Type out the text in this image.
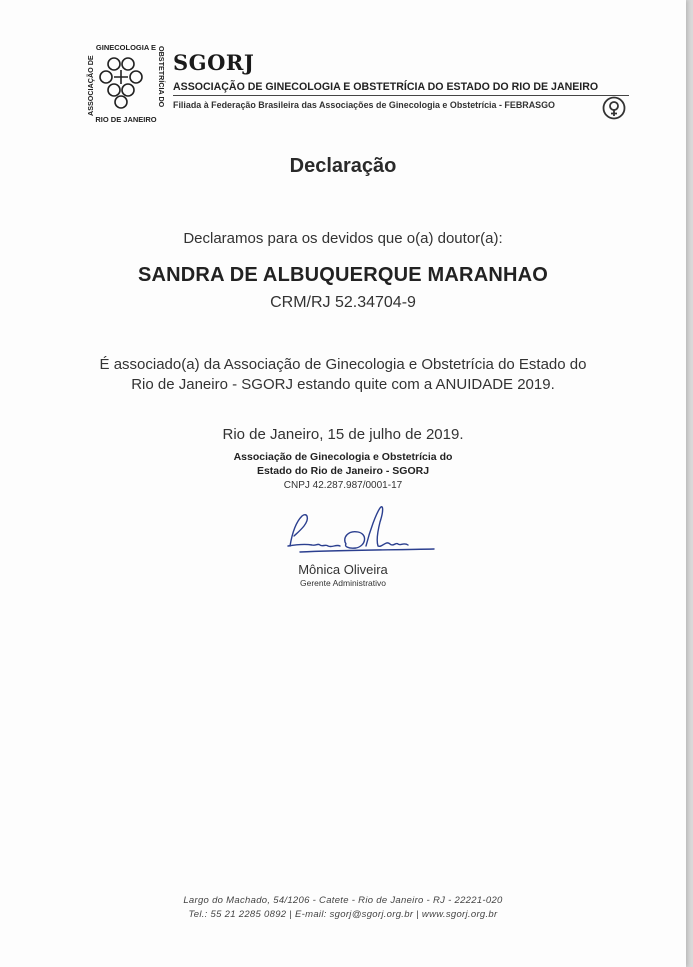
GINECOLOGIA E
RIO DE JANEIRO
ASSOCIAÇÃO DE	OBSTETRÍCIA DO SGORJ
ASSOCIAÇÃO DE GINECOLOGIA E OBSTETRÍCIA DO ESTADO DO RIO DE JANEIRO
Filiada à Federação Brasileira das Associações de Ginecologia e Obstetrícia - FEBRASGO
Declaração
Declaramos para os devidos que o(a) doutor(a):
SANDRA DE ALBUQUERQUE MARANHAO
CRM/RJ 52.34704-9
É associado(a) da Associação de Ginecologia e Obstetrícia do Estado do
Rio de Janeiro - SGORJ estando quite com a ANUIDADE 2019.
Rio de Janeiro, 15 de julho de 2019.
Associação de Ginecologia e Obstetrícia do
Estado do Rio de Janeiro - SGORJ
CNPJ 42.287.987/0001-17
Mônica Oliveira
Gerente Administrativo
Largo do Machado, 54/1206 - Catete - Rio de Janeiro - RJ - 22221-020
Tel.: 55 21 2285 0892 | E-mail: sgorj@sgorj.org.br | www.sgorj.org.br
